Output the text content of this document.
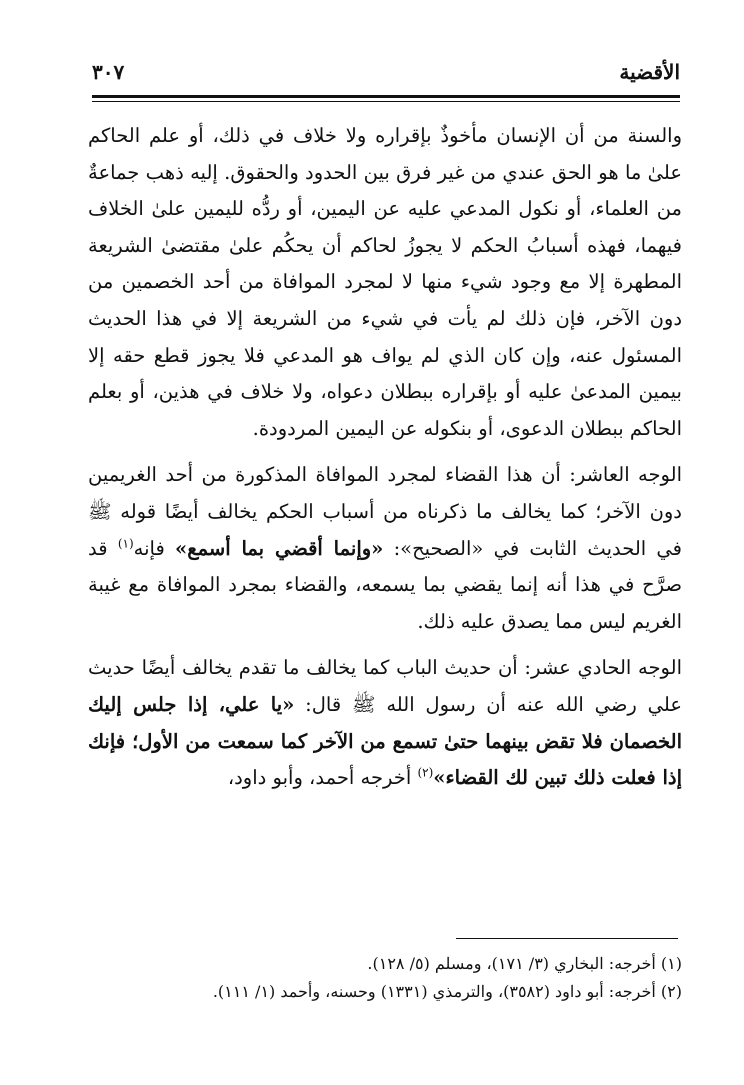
الأقضية
٣٠٧

والسنة من أن الإنسان مأخوذٌ بإقراره ولا خلاف في ذلك، أو علم الحاكم علىٰ ما هو الحق عندي من غير فرق بين الحدود والحقوق. إليه ذهب جماعةٌ من العلماء، أو نكول المدعي عليه عن اليمين، أو ردُّه لليمين علىٰ الخلاف فيهما، فهذه أسبابُ الحكم لا يجوزُ لحاكم أن يحكُم علىٰ مقتضىٰ الشريعة المطهرة إلا مع وجود شيء منها لا لمجرد الموافاة من أحد الخصمين من دون الآخر، فإن ذلك لم يأت في شيء من الشريعة إلا في هذا الحديث المسئول عنه، وإن كان الذي لم يواف هو المدعي فلا يجوز قطع حقه إلا بيمين المدعىٰ عليه أو بإقراره ببطلان دعواه، ولا خلاف في هذين، أو بعلم الحاكم ببطلان الدعوى، أو بنكوله عن اليمين المردودة.

الوجه العاشر: أن هذا القضاء لمجرد الموافاة المذكورة من أحد الغريمين دون الآخر؛ كما يخالف ما ذكرناه من أسباب الحكم يخالف أيضًا قوله ﷺ في الحديث الثابت في «الصحيح»: «وإنما أقضي بما أسمع» فإنه$^{(١)}$ قد صرَّح في هذا أنه إنما يقضي بما يسمعه، والقضاء بمجرد الموافاة مع غيبة الغريم ليس مما يصدق عليه ذلك.

الوجه الحادي عشر: أن حديث الباب كما يخالف ما تقدم يخالف أيضًا حديث علي رضي الله عنه أن رسول الله ﷺ قال: «يا علي، إذا جلس إليك الخصمان فلا تقض بينهما حتىٰ تسمع من الآخر كما سمعت من الأول؛ فإنك إذا فعلت ذلك تبين لك القضاء»$^{(٢)}$ أخرجه أحمد، وأبو داود،

(١) أخرجه: البخاري (٣/ ١٧١)، ومسلم (٥/ ١٢٨).
(٢) أخرجه: أبو داود (٣٥٨٢)، والترمذي (١٣٣١) وحسنه، وأحمد (١/ ١١١).
